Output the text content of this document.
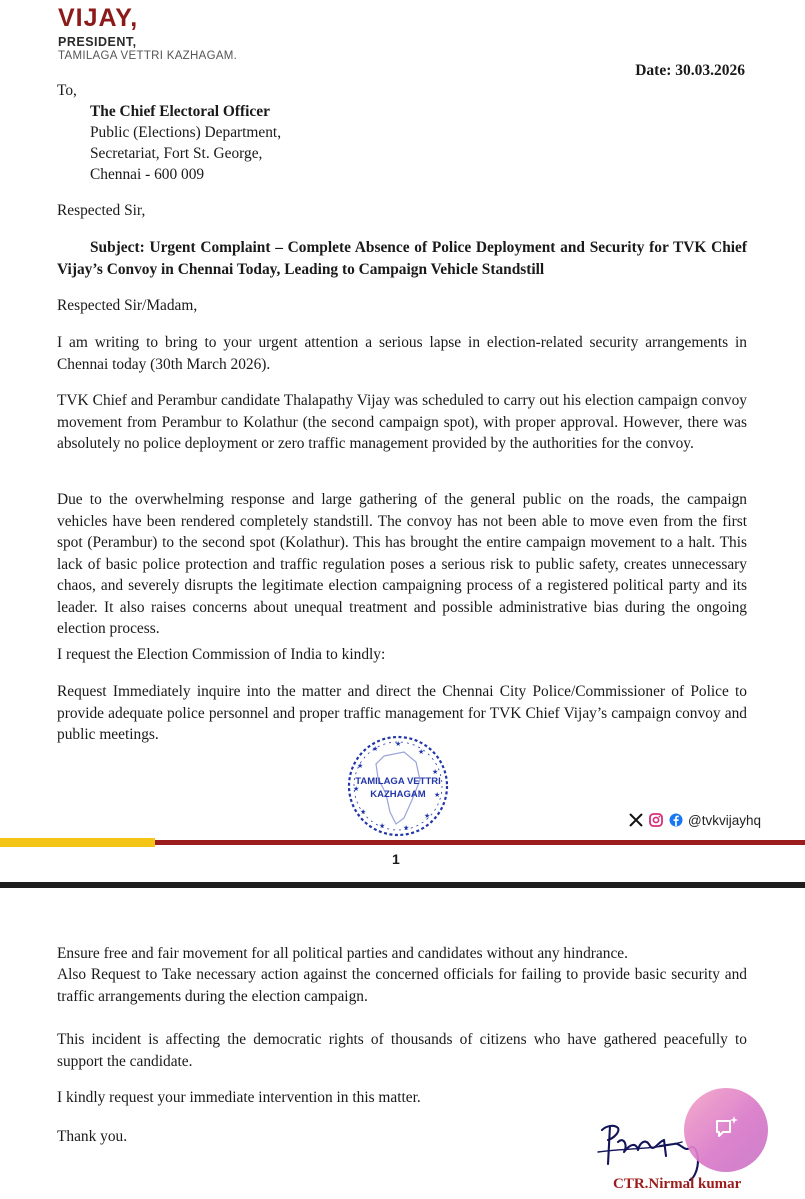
VIJAY,
PRESIDENT,
TAMILAGA VETTRI KAZHAGAM.
Date: 30.03.2026

To,

The Chief Electoral Officer

Public (Elections) Department,

Secretariat, Fort St. George,

Chennai - 600 009

Respected Sir,

Subject: Urgent Complaint – Complete Absence of Police Deployment and Security for TVK Chief Vijay’s Convoy in Chennai Today, Leading to Campaign Vehicle Standstill

Respected Sir/Madam,

I am writing to bring to your urgent attention a serious lapse in election-related security arrangements in Chennai today (30th March 2026).

TVK Chief and Perambur candidate Thalapathy Vijay was scheduled to carry out his election campaign convoy movement from Perambur to Kolathur (the second campaign spot), with proper approval. However, there was absolutely no police deployment or zero traffic management provided by the authorities for the convoy.

Due to the overwhelming response and large gathering of the general public on the roads, the campaign vehicles have been rendered completely standstill. The convoy has not been able to move even from the first spot (Perambur) to the second spot (Kolathur). This has brought the entire campaign movement to a halt. This lack of basic police protection and traffic regulation poses a serious risk to public safety, creates unnecessary chaos, and severely disrupts the legitimate election campaigning process of a registered political party and its leader. It also raises concerns about unequal treatment and possible administrative bias during the ongoing election process.

I request the Election Commission of India to kindly:

Request Immediately inquire into the matter and direct the Chennai City Police/Commissioner of Police to provide adequate police personnel and proper traffic management for TVK Chief Vijay’s campaign convoy and public meetings.

★
★
★
★
★
★
★
★
★
★
★
TAMILAGA VETTRI
KAZHAGAM
@tvkvijayhq
1

Ensure free and fair movement for all political parties and candidates without any hindrance.

Also Request to Take necessary action against the concerned officials for failing to provide basic security and traffic arrangements during the election campaign.

This incident is affecting the democratic rights of thousands of citizens who have gathered peacefully to support the candidate.

I kindly request your immediate intervention in this matter.

Thank you.

CTR.Nirmal kumar
